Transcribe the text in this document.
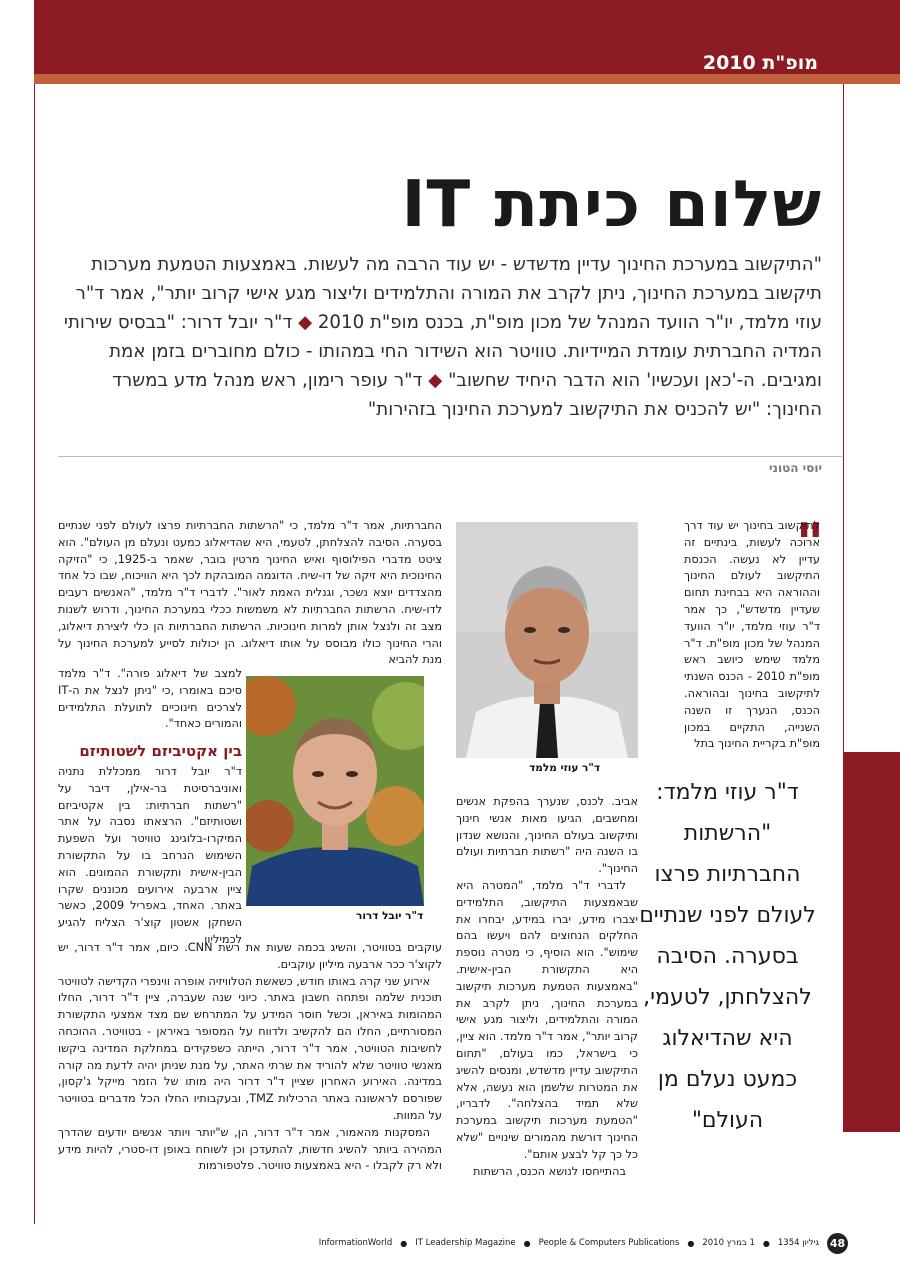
מופ"ת 2010
שלום כיתת IT
"התיקשוב במערכת החינוך עדיין מדשדש - יש עוד הרבה מה לעשות. באמצעות הטמעת מערכות תיקשוב במערכת החינוך, ניתן לקרב את המורה והתלמידים וליצור מגע אישי קרוב יותר", אמר ד"ר עוזי מלמד, יו"ר הוועד המנהל של מכון מופ"ת, בכנס מופ"ת 2010 ◆ ד"ר יובל דרור: "בבסיס שירותי המדיה החברתית עומדת המיידיות. טוויטר הוא השידור החי במהותו - כולם מחוברים בזמן אמת ומגיבים. ה-'כאן ועכשיו' הוא הדבר היחיד שחשוב" ◆ ד"ר עופר רימון, ראש מנהל מדע במשרד החינוך: "יש להכניס את התיקשוב למערכת החינוך בזהירות"
יוסי הטוני
"

לתיקשוב בחינוך יש עוד דרך ארוכה לעשות, בינתיים זה עדיין לא נעשה. הכנסת התיקשוב לעולם החינוך וההוראה היא בבחינת תחום שעדיין מדשדש", כך אמר ד"ר עוזי מלמד, יו"ר הוועד המנהל של מכון מופ"ת. ד"ר מלמד שימש כיושב ראש מופ"ת 2010 - הכנס השנתי לתיקשוב בחינוך ובהוראה. הכנס, הנערך זו השנה השנייה, התקיים במכון מופ"ת בקריית החינוך בתל

ד"ר עוזי מלמד: "הרשתות החברתיות פרצו לעולם לפני שנתיים בסערה. הסיבה להצלחתן, לטעמי, היא שהדיאלוג כמעט נעלם מן העולם"
ד"ר עוזי מלמד

אביב. לכנס, שנערך בהפקת אנשים ומחשבים, הגיעו מאות אנשי חינוך ותיקשוב בעולם החינוך, והנושא שנדון בו השנה היה "רשתות חברתיות ועולם החינוך".

לדברי ד"ר מלמד, "המטרה היא שבאמצעות התיקשוב, התלמידים יצברו מידע, יברו במידע, יבחרו את החלקים הנחוצים להם ויעשו בהם שימוש". הוא הוסיף, כי מטרה נוספת היא התקשורת הבין-אישית. "באמצעות הטמעת מערכות תיקשוב במערכת החינוך, ניתן לקרב את המורה והתלמידים, וליצור מגע אישי קרוב יותר", אמר ד"ר מלמד. הוא ציין, כי בישראל, כמו בעולם, "תחום התיקשוב עדיין מדשדש, ומנסים להשיג את המטרות שלשמן הוא נעשה, אלא שלא תמיד בהצלחה". לדבריו, "הטמעת מערכות תיקשוב במערכת החינוך דורשת מהמורים שינויים "שלא כל כך קל לבצע אותם".

בהתייחסו לנושא הכנס, הרשתות

החברתיות, אמר ד"ר מלמד, כי "הרשתות החברתיות פרצו לעולם לפני שנתיים בסערה. הסיבה להצלחתן, לטעמי, היא שהדיאלוג כמעט ונעלם מן העולם". הוא ציטט מדברי הפילוסוף ואיש החינוך מרטין בובר, שאמר ב-1925, כי "הזיקה החינוכית היא זיקה של דו-שיח. הדוגמה המובהקת לכך היא הוויכוח, שבו כל אחד מהצדדים יוצא נשכר, וגנלית האמת לאור". לדברי ד"ר מלמד, "האנשים רעבים לדו-שיח. הרשתות החברתיות לא משמשות ככלי במערכת החינוך, ודרוש לשנות מצב זה ולנצל אותן למרות חינוכיות. הרשתות החברתיות הן כלי ליצירת דיאלוג, והרי החינוך כולו מבוסס על אותו דיאלוג. הן יכולות לסייע למערכת החינוך על מנת להביא
ד"ר יובל דרור

למצב של דיאלוג פורה". ד"ר מלמד סיכם באומרו ,כי "ניתן לנצל את ה-IT לצרכים חינוכיים לתועלת התלמידים והמורים כאחד".

בין אקטיביזם לשטותיזם

ד"ר יובל דרור ממכללת נתניה ואוניברסיטת בר-אילן, דיבר על "רשתות חברתיות: בין אקטיביזם ושטותיזם". הרצאתו נסבה על אתר המיקרו-בלוגינג טוויטר ועל השפעת השימוש הנרחב בו על התקשורת הבין-אישית ותקשורת ההמונים. הוא ציין ארבעה אירועים מכוננים שקרו באתר. האחד, באפריל 2009, כאשר השחקן אשטון קוצ'ר הצליח להגיע לכמיליון

עוקבים בטוויטר, והשיג בכמה שעות את רשת CNN. כיום, אמר ד"ר דרור, יש לקוצ'ר ככר ארבעה מיליון עוקבים.

אירוע שני קרה באותו חודש, כשאשת הטלוויזיה אופרה ווינפרי הקדישה לטוויטר תוכנית שלמה ופתחה חשבון באתר. כיוני שנה שעברה, ציין ד"ר דרור, החלו המהומות באיראן, וכשל חוסר המידע על המתרחש שם מצד אמצעי התקשורת המסורתיים, החלו הם להקשיב ולדווח על המסופר באיראן - בטוויטר. ההוכחה לחשיבות הטוויטר, אמר ד"ר דרור, הייתה כשפקידים במחלקת המדינה ביקשו מאנשי טוויטר שלא להוריד את שרתי האתר, על מנת שניתן יהיה לדעת מה קורה במדינה. האירוע האחרון שציין ד"ר דרור היה מותו של הזמר מייקל ג'קסון, שפורסם לראשונה באתר הרכילות TMZ, ובעקבותיו החלו הכל מדברים בטוויטר על המוות.

המסקנות מהאמור, אמר ד"ר דרור, הן, ש"יותר ויותר אנשים יודעים שהדרך המהירה ביותר להשיג חדשות, להתעדכן וכן לשוחח באופן דו-סטרי, להיות מידע ולא רק לקבלו - היא באמצעות טוויטר. פלטפורמות

InformationWorld ● IT Leadership Magazine ● People & Computers Publications ● 1 במרץ 2010 ● גיליון 1354 48
